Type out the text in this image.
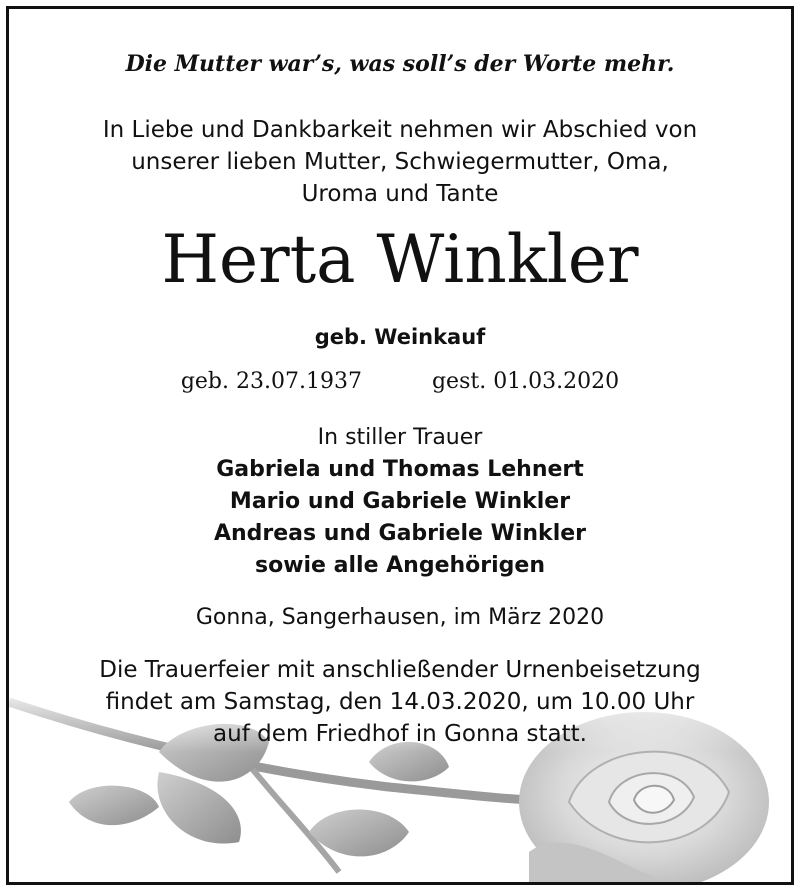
Die Mutter war’s, was soll’s der Worte mehr.
In Liebe und Dankbarkeit nehmen wir Abschied von
unserer lieben Mutter, Schwiegermutter, Oma,
Uroma und Tante
Herta Winkler
geb. Weinkauf
geb. 23.07.1937	gest. 01.03.2020
In stiller Trauer
Gabriela und Thomas Lehnert
Mario und Gabriele Winkler
Andreas und Gabriele Winkler
sowie alle Angehörigen
Gonna, Sangerhausen, im März 2020
Die Trauerfeier mit anschließender Urnenbeisetzung
findet am Samstag, den 14.03.2020, um 10.00 Uhr
auf dem Friedhof in Gonna statt.
